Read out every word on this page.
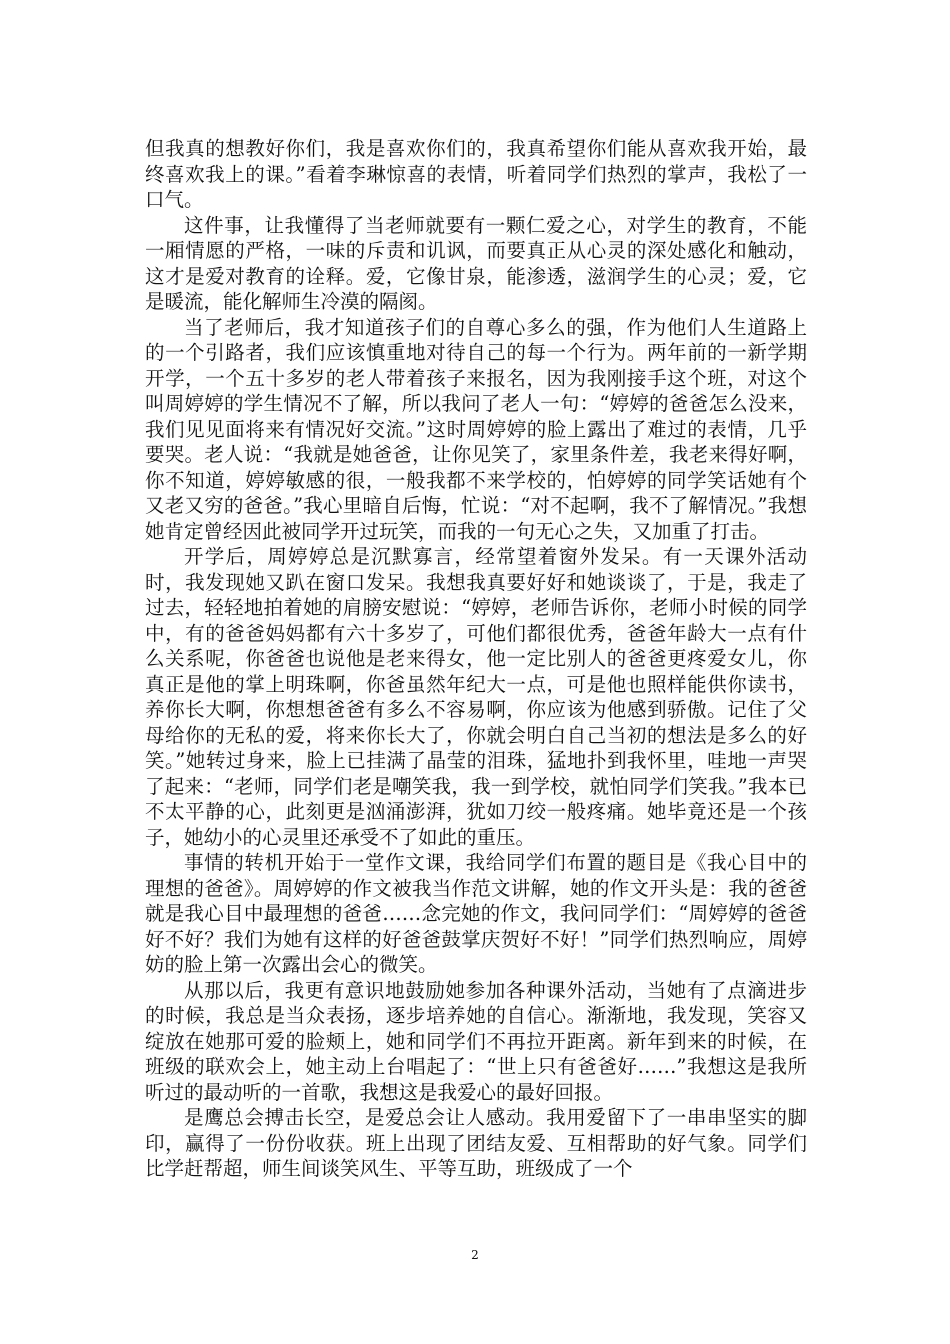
但我真的想教好你们，我是喜欢你们的，我真希望你们能从喜欢我开始，最终喜欢我上的课。”看着李琳惊喜的表情，听着同学们热烈的掌声，我松了一口气。

这件事，让我懂得了当老师就要有一颗仁爱之心，对学生的教育，不能一厢情愿的严格，一味的斥责和讥讽，而要真正从心灵的深处感化和触动，这才是爱对教育的诠释。爱，它像甘泉，能渗透，滋润学生的心灵；爱，它是暖流，能化解师生冷漠的隔阂。

当了老师后，我才知道孩子们的自尊心多么的强，作为他们人生道路上的一个引路者，我们应该慎重地对待自己的每一个行为。两年前的一新学期开学，一个五十多岁的老人带着孩子来报名，因为我刚接手这个班，对这个叫周婷婷的学生情况不了解，所以我问了老人一句：“婷婷的爸爸怎么没来，我们见见面将来有情况好交流。”这时周婷婷的脸上露出了难过的表情，几乎要哭。老人说：“我就是她爸爸，让你见笑了，家里条件差，我老来得好啊，你不知道，婷婷敏感的很，一般我都不来学校的，怕婷婷的同学笑话她有个又老又穷的爸爸。”我心里暗自后悔，忙说：“对不起啊，我不了解情况。”我想她肯定曾经因此被同学开过玩笑，而我的一句无心之失，又加重了打击。

开学后，周婷婷总是沉默寡言，经常望着窗外发呆。有一天课外活动时，我发现她又趴在窗口发呆。我想我真要好好和她谈谈了，于是，我走了过去，轻轻地拍着她的肩膀安慰说：“婷婷，老师告诉你，老师小时候的同学中，有的爸爸妈妈都有六十多岁了，可他们都很优秀，爸爸年龄大一点有什么关系呢，你爸爸也说他是老来得女，他一定比别人的爸爸更疼爱女儿，你真正是他的掌上明珠啊，你爸虽然年纪大一点，可是他也照样能供你读书，养你长大啊，你想想爸爸有多么不容易啊，你应该为他感到骄傲。记住了父母给你的无私的爱，将来你长大了，你就会明白自己当初的想法是多么的好笑。”她转过身来，脸上已挂满了晶莹的泪珠，猛地扑到我怀里，哇地一声哭了起来：“老师，同学们老是嘲笑我，我一到学校，就怕同学们笑我。”我本已不太平静的心，此刻更是汹涌澎湃，犹如刀绞一般疼痛。她毕竟还是一个孩子，她幼小的心灵里还承受不了如此的重压。

事情的转机开始于一堂作文课，我给同学们布置的题目是《我心目中的理想的爸爸》。周婷婷的作文被我当作范文讲解，她的作文开头是：我的爸爸就是我心目中最理想的爸爸……念完她的作文，我问同学们：“周婷婷的爸爸好不好？我们为她有这样的好爸爸鼓掌庆贺好不好！”同学们热烈响应，周婷妨的脸上第一次露出会心的微笑。

从那以后，我更有意识地鼓励她参加各种课外活动，当她有了点滴进步的时候，我总是当众表扬，逐步培养她的自信心。渐渐地，我发现，笑容又绽放在她那可爱的脸颊上，她和同学们不再拉开距离。新年到来的时候，在班级的联欢会上，她主动上台唱起了：“世上只有爸爸好……”我想这是我所听过的最动听的一首歌，我想这是我爱心的最好回报。

是鹰总会搏击长空，是爱总会让人感动。我用爱留下了一串串坚实的脚印，赢得了一份份收获。班上出现了团结友爱、互相帮助的好气象。同学们比学赶帮超，师生间谈笑风生、平等互助，班级成了一个

2
